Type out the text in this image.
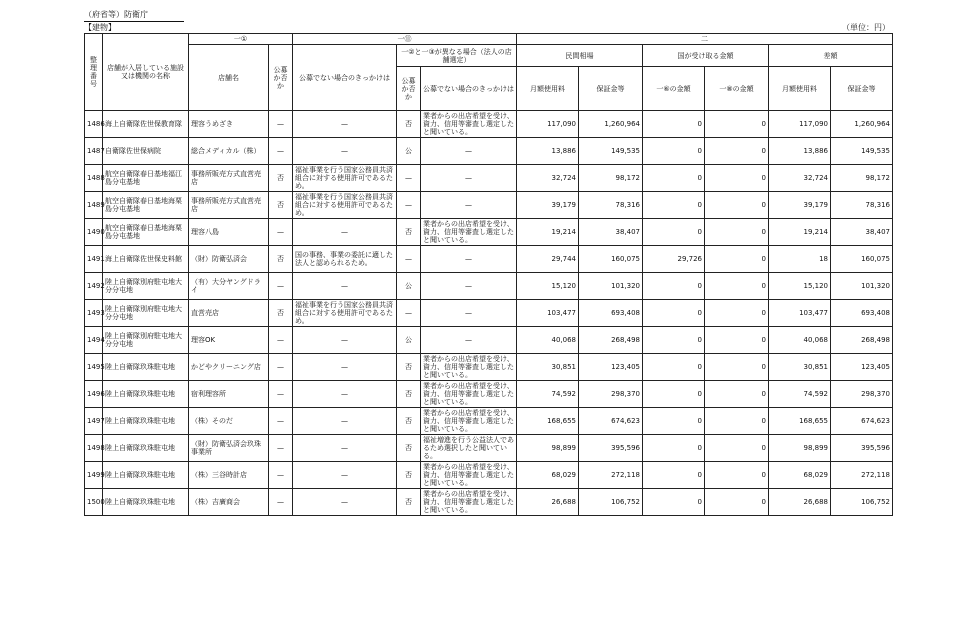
（府省等）防衛庁
【建物】	（単位：円）
整理番号	店舗が入居している施設又は機関の名称	一①		一⑪			二					
		店舗名	公募か否か	公募でない場合のきっかけは	一②と一③が異なる場合（法人の店舗選定）		民間相場		国が受け取る金額		差額	
					公募か否か	公募でない場合のきっかけは	月額使用料	保証金等	一⑥の金額	一⑧の金額	月額使用料	保証金等
1486	海上自衛隊佐世保教育隊	理容うめざき	—	—	否	業者からの出店希望を受け、資力、信用等審査し選定したと聞いている。	117,090	1,260,964	0	0	117,090	1,260,964
1487	自衛隊佐世保病院	総合メディカル（株）	—	—	公	—	13,886	149,535	0	0	13,886	149,535
1488	航空自衛隊春日基地福江島分屯基地	事務所販売方式直営売店	否	福祉事業を行う国家公務員共済組合に対する使用許可であるため。	—	—	32,724	98,172	0	0	32,724	98,172
1489	航空自衛隊春日基地海栗島分屯基地	事務所販売方式直営売店	否	福祉事業を行う国家公務員共済組合に対する使用許可であるため。	—	—	39,179	78,316	0	0	39,179	78,316
1490	航空自衛隊春日基地海栗島分屯基地	理容八島	—	—	否	業者からの出店希望を受け、資力、信用等審査し選定したと聞いている。	19,214	38,407	0	0	19,214	38,407
1491	海上自衛隊佐世保史料館	（財）防衛弘済会	否	国の事務、事業の委託に適した法人と認められるため。	—	—	29,744	160,075	29,726	0	18	160,075
1492	陸上自衛隊別府駐屯地大分分屯地	（有）大分ヤングドライ	—	—	公	—	15,120	101,320	0	0	15,120	101,320
1493	陸上自衛隊別府駐屯地大分分屯地	直営売店	否	福祉事業を行う国家公務員共済組合に対する使用許可であるため。	—	—	103,477	693,408	0	0	103,477	693,408
1494	陸上自衛隊別府駐屯地大分分屯地	理容OK	—	—	公	—	40,068	268,498	0	0	40,068	268,498
1495	陸上自衛隊玖珠駐屯地	かどやクリーニング店	—	—	否	業者からの出店希望を受け、資力、信用等審査し選定したと聞いている。	30,851	123,405	0	0	30,851	123,405
1496	陸上自衛隊玖珠駐屯地	宿利理容所	—	—	否	業者からの出店希望を受け、資力、信用等審査し選定したと聞いている。	74,592	298,370	0	0	74,592	298,370
1497	陸上自衛隊玖珠駐屯地	（株）そのだ	—	—	否	業者からの出店希望を受け、資力、信用等審査し選定したと聞いている。	168,655	674,623	0	0	168,655	674,623
1498	陸上自衛隊玖珠駐屯地	（財）防衛弘済会玖珠事業所	—	—	否	福祉増進を行う公益法人であるため選択したと聞いている。	98,899	395,596	0	0	98,899	395,596
1499	陸上自衛隊玖珠駐屯地	（株）三谷時計店	—	—	否	業者からの出店希望を受け、資力、信用等審査し選定したと聞いている。	68,029	272,118	0	0	68,029	272,118
1500	陸上自衛隊玖珠駐屯地	（株）吉廣商会	—	—	否	業者からの出店希望を受け、資力、信用等審査し選定したと聞いている。	26,688	106,752	0	0	26,688	106,752
